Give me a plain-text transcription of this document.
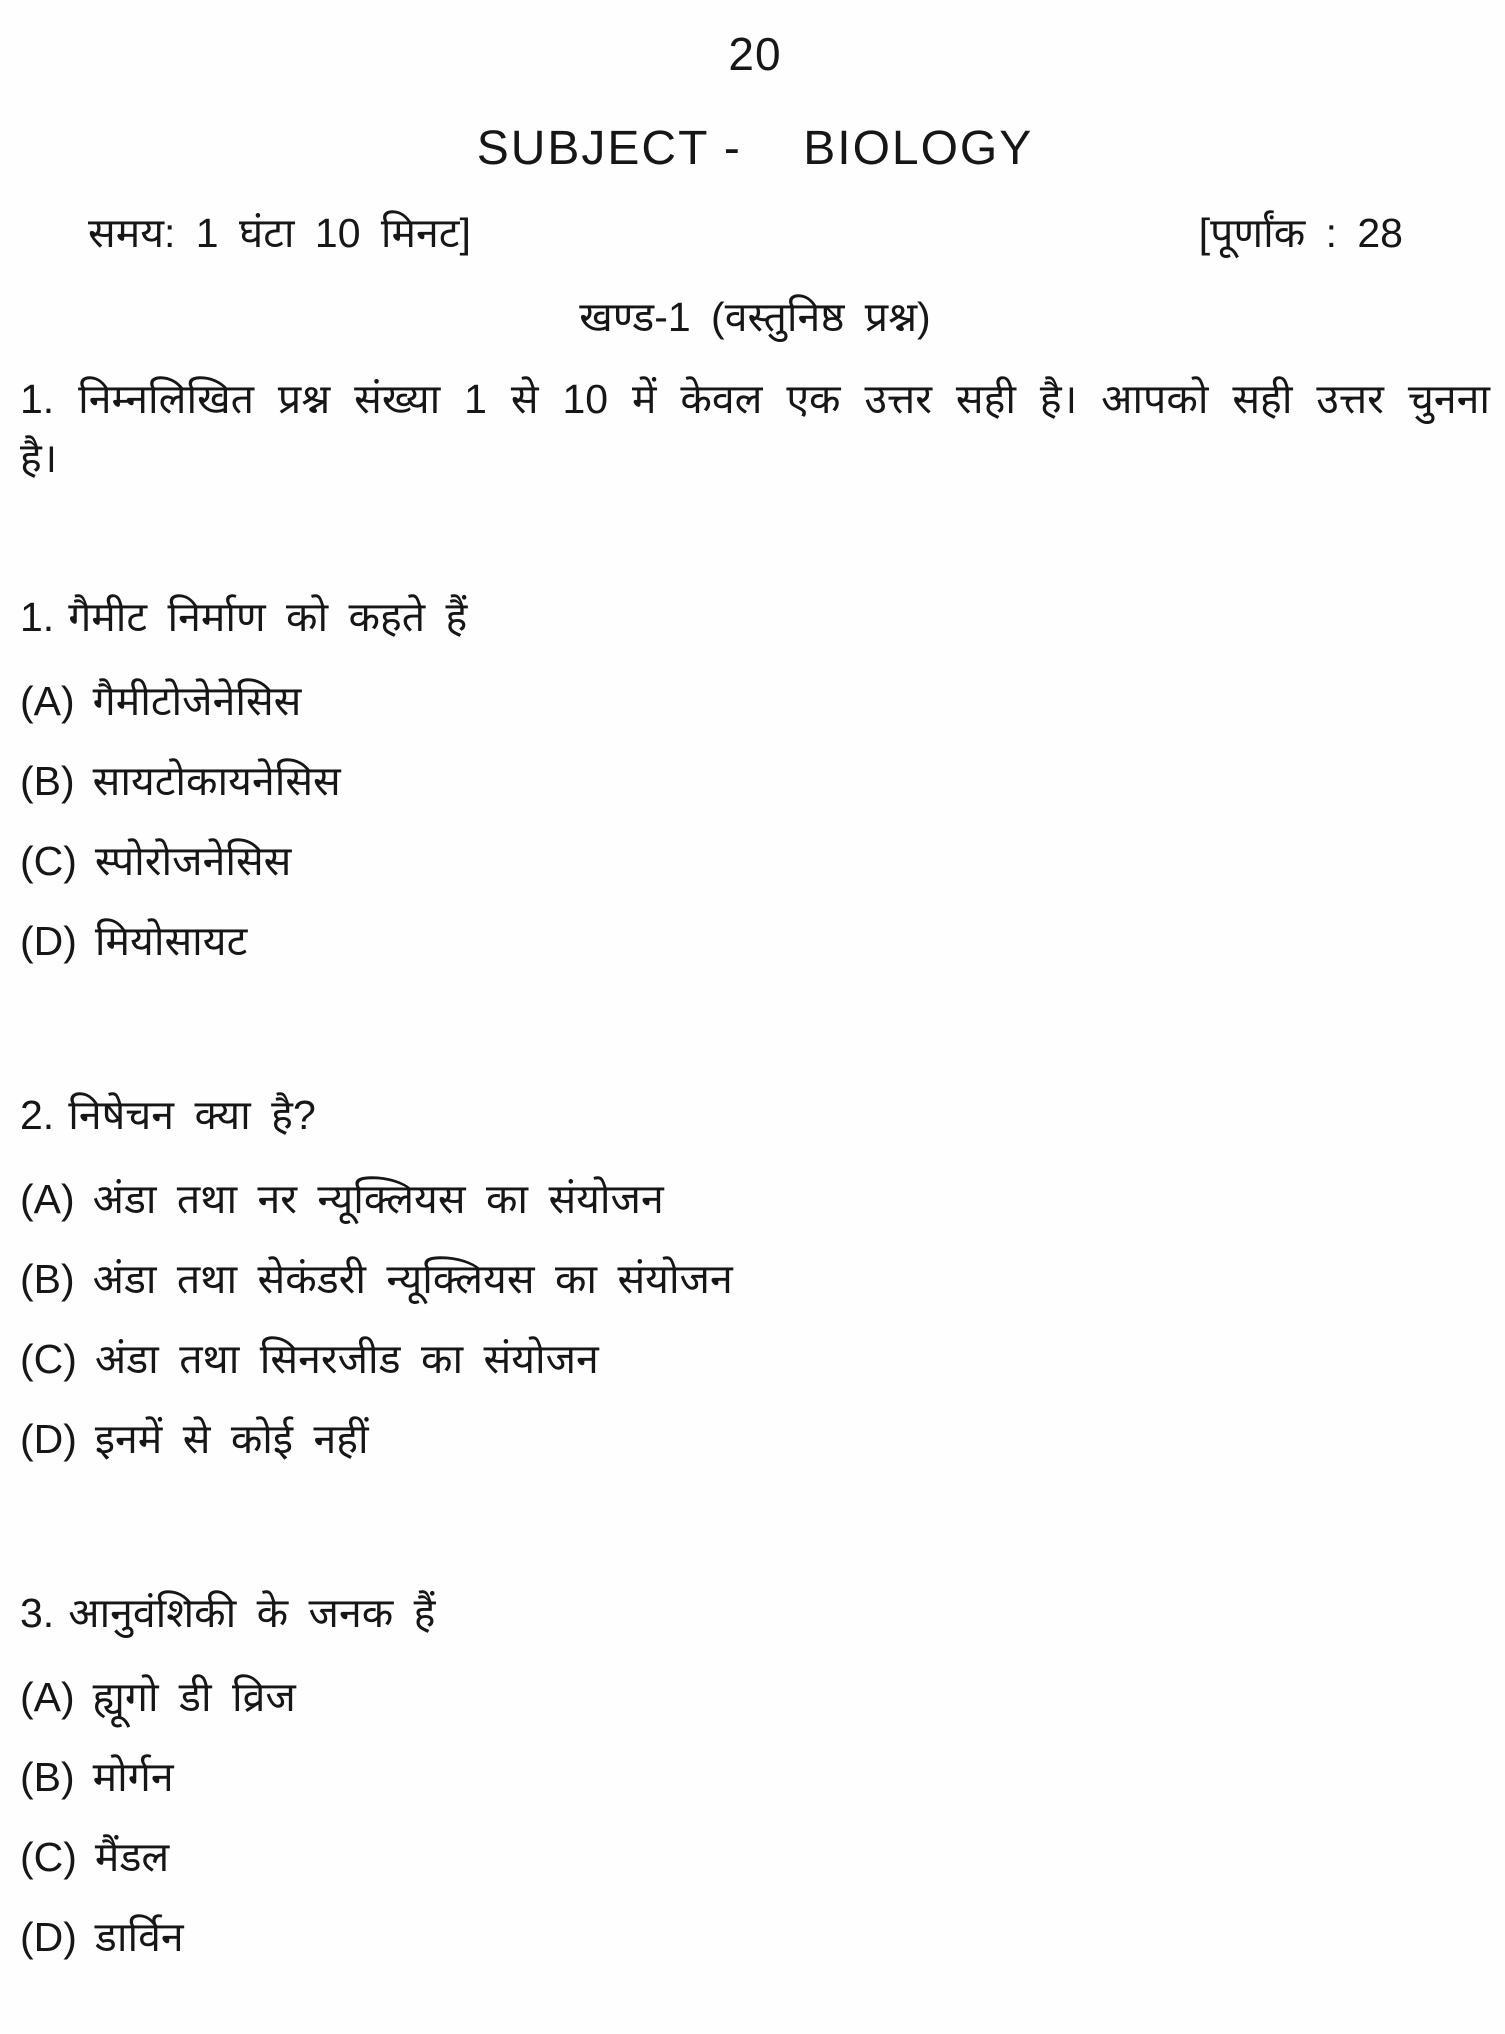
20
SUBJECT -    BIOLOGY
समय: 1 घंटा 10 मिनट]	[पूर्णांक : 28
खण्ड-1 (वस्तुनिष्ठ प्रश्न)
1. निम्नलिखित प्रश्न संख्या 1 से 10 में केवल एक उत्तर सही है। आपको सही उत्तर चुनना
है।
1. गैमीट निर्माण को कहते हैं
(A) गैमीटोजेनेसिस
(B) सायटोकायनेसिस
(C) स्पोरोजनेसिस
(D) मियोसायट
2. निषेचन क्या है?
(A) अंडा तथा नर न्यूक्लियस का संयोजन
(B) अंडा तथा सेकंडरी न्यूक्लियस का संयोजन
(C) अंडा तथा सिनरजीड का संयोजन
(D) इनमें से कोई नहीं
3. आनुवंशिकी के जनक हैं
(A) ह्यूगो डी व्रिज
(B) मोर्गन
(C) मैंडल
(D) डार्विन
